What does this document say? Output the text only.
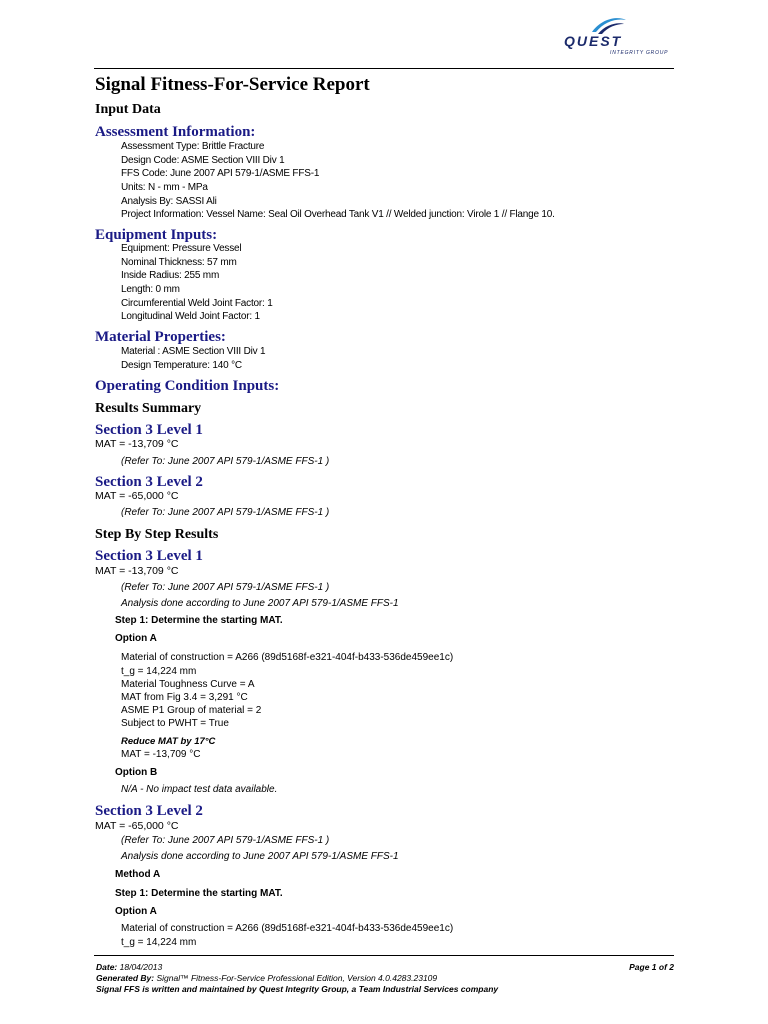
QUEST
INTEGRITY GROUP
Signal Fitness-For-Service Report
Input Data
Assessment Information:
Assessment Type: Brittle Fracture
Design Code: ASME Section VIII Div 1
FFS Code: June 2007 API 579-1/ASME FFS-1
Units: N - mm - MPa
Analysis By: SASSI Ali
Project Information: Vessel Name: Seal Oil Overhead Tank V1 // Welded junction: Virole 1 // Flange 10.
Equipment Inputs:
Equipment: Pressure Vessel
Nominal Thickness: 57 mm
Inside Radius: 255 mm
Length: 0 mm
Circumferential Weld Joint Factor: 1
Longitudinal Weld Joint Factor: 1
Material Properties:
Material : ASME Section VIII Div 1
Design Temperature: 140 °C
Operating Condition Inputs:
Results Summary
Section 3 Level 1
MAT = -13,709 °C
(Refer To: June 2007 API 579-1/ASME FFS-1 )
Section 3 Level 2
MAT = -65,000 °C
(Refer To: June 2007 API 579-1/ASME FFS-1 )
Step By Step Results
Section 3 Level 1
MAT = -13,709 °C
(Refer To: June 2007 API 579-1/ASME FFS-1 )
Analysis done according to June 2007 API 579-1/ASME FFS-1
Step 1: Determine the starting MAT.
Option A
Material of construction = A266 (89d5168f-e321-404f-b433-536de459ee1c)
t_g = 14,224 mm
Material Toughness Curve = A
MAT from Fig 3.4 = 3,291 °C
ASME P1 Group of material = 2
Subject to PWHT = True
Reduce MAT by 17°C
MAT = -13,709 °C
Option B
N/A - No impact test data available.
Section 3 Level 2
MAT = -65,000 °C
(Refer To: June 2007 API 579-1/ASME FFS-1 )
Analysis done according to June 2007 API 579-1/ASME FFS-1
Method A
Step 1: Determine the starting MAT.
Option A
Material of construction = A266 (89d5168f-e321-404f-b433-536de459ee1c)
t_g = 14,224 mm
Date: 18/04/2013	Page 1 of 2
Generated By: Signal™ Fitness-For-Service Professional Edition, Version 4.0.4283.23109
Signal FFS is written and maintained by Quest Integrity Group, a Team Industrial Services company
